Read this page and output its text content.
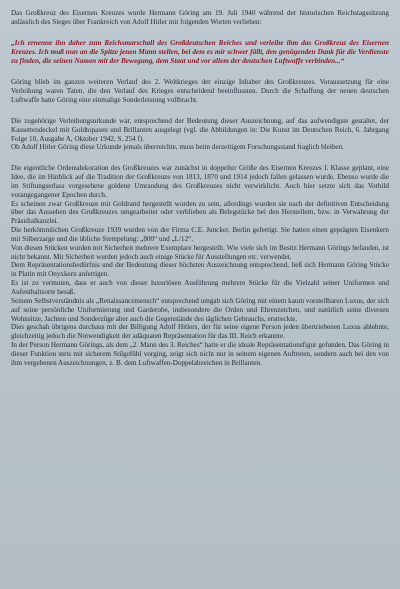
Das Großkreuz des Eisernen Kreuzes wurde Hermann Göring am 19. Juli 1940 während der historischen Reichstagssitzung anlässlich des Sieges über Frankreich von Adolf Hitler mit folgenden Worten verliehen:

„Ich ernenne ihn daher zum Reichsmarschall des Großdeutschen Reiches und verleihe ihm das Großkreuz des Eisernen Kreuzes. Ich muß nun an die Spitze jenen Mann stellen, bei dem es mir schwer fällt, den genügenden Dank für die Verdienste zu finden, die seinen Namen mit der Bewegung, dem Staat und vor allem der deutschen Luftwaffe verbinden...“

Göring blieb im ganzen weiteren Verlauf des 2. Weltkrieges der einzige Inhaber des Großkreuzes. Voraussetzung für eine Verleihung waren Taten, die den Verlauf des Krieges entscheidend beeinflussten. Durch die Schaffung der neuen deutschen Luftwaffe hatte Göring eine einmalige Sonderleistung vollbracht.

Die zugehörige Verleihungsurkunde war, entsprechend der Bedeutung dieser Auszeichnung, auf das aufwendigste gestaltet, der Kassettendeckel mit Goldtopasen und Brillanten ausgelegt (vgl. die Abbildungen in: Die Kunst im Deutschen Reich, 6. Jahrgang Folge 10, Ausgabe A, Oktober 1942, S. 254 f).

Ob Adolf Hitler Göring diese Urkunde jemals überreichte, muss beim derzeitigem Forschungsstand fraglich bleiben.

Die eigentliche Ordensdekoration des Großkreuzes war zunächst in doppelter Größe des Eisernen Kreuzes I. Klasse geplant, eine Idee, die im Hinblick auf die Tradition der Großkreuze von 1813, 1870 und 1914 jedoch fallen gelassen wurde. Ebenso wurde die im Stiftungserlass vorgesehene goldene Umrandung des Großkreuzes nicht verwirklicht. Auch hier setzte sich das Vorbild vorangegangener Epochen durch.

Es scheinen zwar Großkreuze mit Goldrand hergestellt worden zu sein, allerdings wurden sie nach der definitiven Entscheidung über das Aussehen des Großkreuzes umgearbeitet oder verblieben als Belegstücke bei den Herstellern, bzw. in Verwahrung der Präsidialkanzlei.

Die herkömmlichen Großkreuze 1939 wurden von der Firma C.E. Juncker, Berlin gefertigt. Sie hatten einen geprägten Eisenkern mit Silberzarge und die übliche Stempelung: „800“ und „L/12“.

Von diesen Stücken wurden mit Sicherheit mehrere Exemplare hergestellt. Wie viele sich im Besitz Hermann Görings befanden, ist nicht bekannt. Mit Sicherheit wurden jedoch auch einige Stücke für Ausstellungen etc. verwendet.

Dem Repräsentationsbedürfnis und der Bedeutung dieser höchsten Auszeichnung entsprechend, ließ sich Hermann Göring Stücke in Platin mit Onyxkern anfertigen.

Es ist zu vermuten, dass er auch von dieser luxuriösen Ausführung mehrere Stücke für die Vielzahl seiner Uniformen und Aufenthaltsorte besaß.

Seinem Selbstverständnis als „Renaissancemensch“ entsprechend umgab sich Göring mit einem kaum vorstellbaren Luxus, der sich auf seine persönliche Uniformierung und Garderobe, insbesondere die Orden und Ehrenzeichen, und natürlich seine diversen Wohnsitze, Jachten und Sonderzüge aber auch die Gegenstände des täglichen Gebrauchs, erstreckte.

Dies geschah übrigens durchaus mit der Billigung Adolf Hitlers, der für seine eigene Person jeden übertriebenen Luxus ablehnte, gleichzeitig jedoch die Notwendigkeit der adäquaten Repräsentation für das III. Reich erkannte.

In der Person Hermann Görings, als dem „2. Mann des 3. Reiches“ hatte er die ideale Repräsentationsfigur gefunden. Das Göring in dieser Funktion stets mit sicherem Stilgefühl vorging, zeigt sich nicht nur in seinem eigenen Auftreten, sondern auch bei den von ihm vergebenen Auszeichnungen, z. B. dem Luftwaffen-Doppelabzeichen in Brillanten.
